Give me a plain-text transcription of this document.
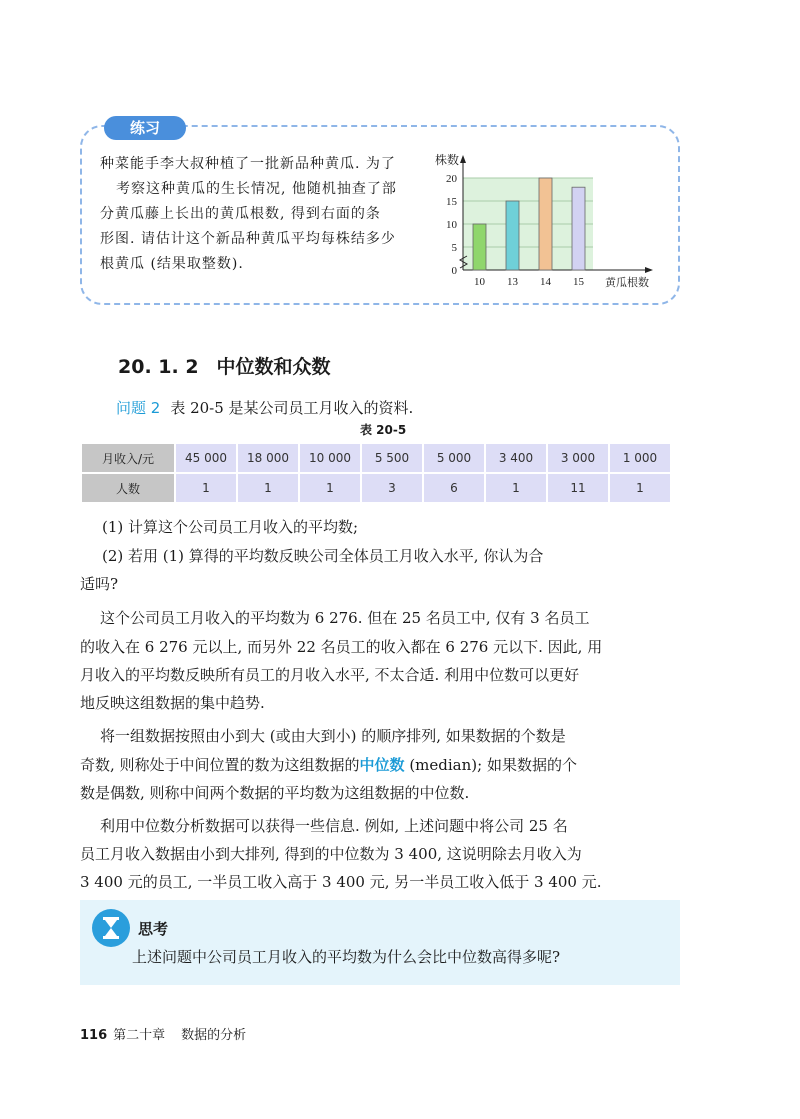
练习
种菜能手李大叔种植了一批新品种黄瓜. 为了
考察这种黄瓜的生长情况, 他随机抽查了部
分黄瓜藤上长出的黄瓜根数, 得到右面的条
形图. 请估计这个新品种黄瓜平均每株结多少
根黄瓜 (结果取整数).	0
5
10
15
20
株数
黄瓜根数
10 13 14 15
20. 1. 2 中位数和众数
问题 2 表 20-5 是某公司员工月收入的资料.
表 20-5
月收入/元	45 000	18 000	10 000	5 500	5 000	3 400	3 000	1 000
人数	1	1	1	3	6	1	11	1
(1) 计算这个公司员工月收入的平均数;
(2) 若用 (1) 算得的平均数反映公司全体员工月收入水平, 你认为合
适吗?
这个公司员工月收入的平均数为 6 276. 但在 25 名员工中, 仅有 3 名员工
的收入在 6 276 元以上, 而另外 22 名员工的收入都在 6 276 元以下. 因此, 用
月收入的平均数反映所有员工的月收入水平, 不太合适. 利用中位数可以更好
地反映这组数据的集中趋势.
将一组数据按照由小到大 (或由大到小) 的顺序排列, 如果数据的个数是
奇数, 则称处于中间位置的数为这组数据的中位数 (median); 如果数据的个
数是偶数, 则称中间两个数据的平均数为这组数据的中位数.
利用中位数分析数据可以获得一些信息. 例如, 上述问题中将公司 25 名
员工月收入数据由小到大排列, 得到的中位数为 3 400, 这说明除去月收入为
3 400 元的员工, 一半员工收入高于 3 400 元, 另一半员工收入低于 3 400 元.
思考
上述问题中公司员工月收入的平均数为什么会比中位数高得多呢?
116 第二十章 数据的分析
